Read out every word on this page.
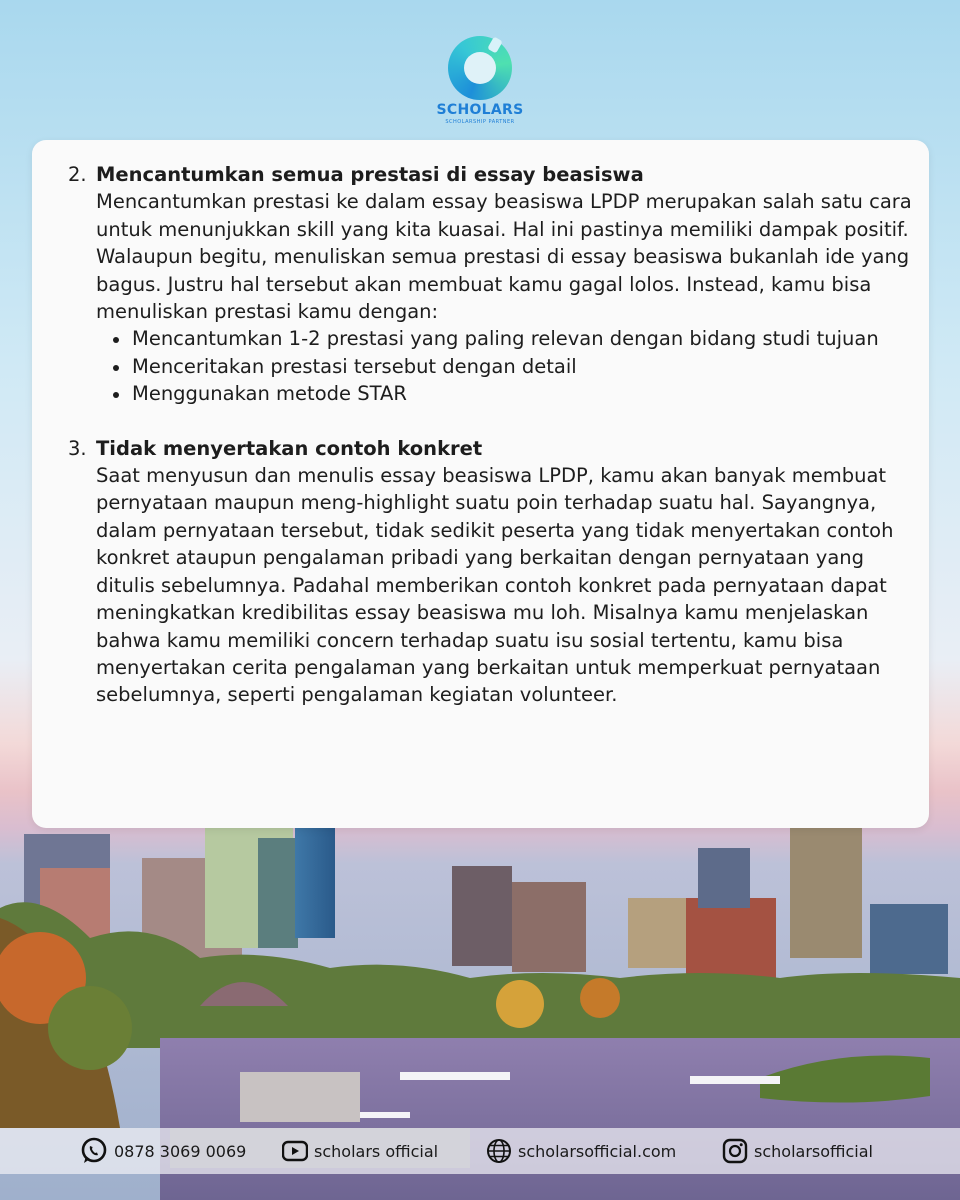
SCHOLARS
SCHOLARSHIP PARTNER
2. Mencantumkan semua prestasi di essay beasiswa

Mencantumkan prestasi ke dalam essay beasiswa LPDP merupakan salah satu cara untuk menunjukkan skill yang kita kuasai. Hal ini pastinya memiliki dampak positif. Walaupun begitu, menuliskan semua prestasi di essay beasiswa bukanlah ide yang bagus. Justru hal tersebut akan membuat kamu gagal lolos. Instead, kamu bisa menuliskan prestasi kamu dengan:

Mencantumkan 1-2 prestasi yang paling relevan dengan bidang studi tujuan
Menceritakan prestasi tersebut dengan detail
Menggunakan metode STAR
3. Tidak menyertakan contoh konkret

Saat menyusun dan menulis essay beasiswa LPDP, kamu akan banyak membuat pernyataan maupun meng-highlight suatu poin terhadap suatu hal. Sayangnya, dalam pernyataan tersebut, tidak sedikit peserta yang tidak menyertakan contoh konkret ataupun pengalaman pribadi yang berkaitan dengan pernyataan yang ditulis sebelumnya. Padahal memberikan contoh konkret pada pernyataan dapat meningkatkan kredibilitas essay beasiswa mu loh. Misalnya kamu menjelaskan bahwa kamu memiliki concern terhadap suatu isu sosial tertentu, kamu bisa menyertakan cerita pengalaman yang berkaitan untuk memperkuat pernyataan sebelumnya, seperti pengalaman kegiatan volunteer.

0878 3069 0069	scholars official	scholarsofficial.com	scholarsofficial
